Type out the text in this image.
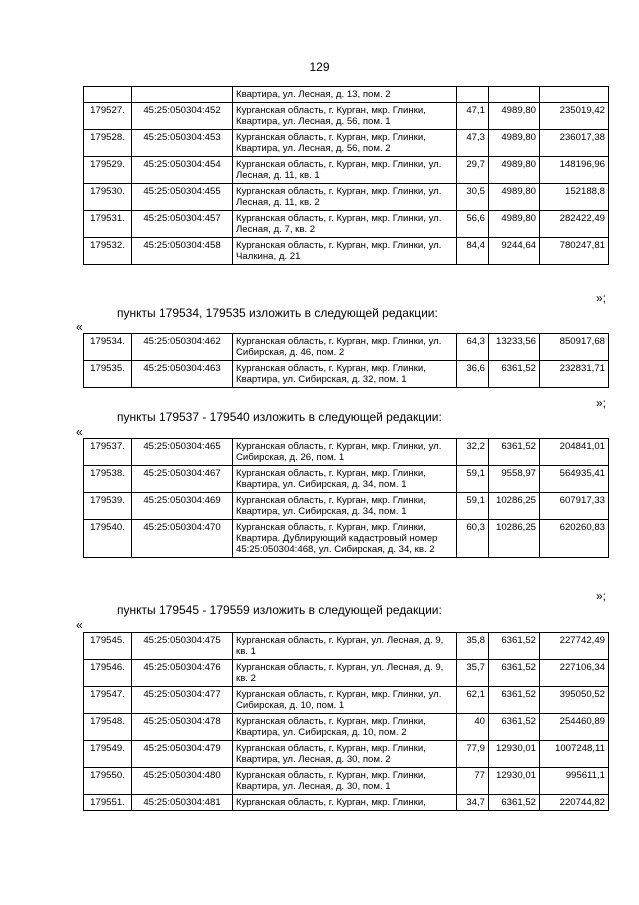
129
		Квартира, ул. Лесная, д. 13, пом. 2			
179527.	45:25:050304:452	Курганская область, г. Курган, мкр. Глинки, Квартира, ул. Лесная, д. 56, пом. 1	47,1	4989,80	235019,42
179528.	45:25:050304:453	Курганская область, г. Курган, мкр. Глинки, Квартира, ул. Лесная, д. 56, пом. 2	47,3	4989,80	236017,38
179529.	45:25:050304:454	Курганская область, г. Курган, мкр. Глинки, ул. Лесная, д. 11, кв. 1	29,7	4989,80	148196,96
179530.	45:25:050304:455	Курганская область, г. Курган, мкр. Глинки, ул. Лесная, д. 11, кв. 2	30,5	4989,80	152188,8
179531.	45:25:050304:457	Курганская область, г. Курган, мкр. Глинки, ул. Лесная, д. 7, кв. 2	56,6	4989,80	282422,49
179532.	45:25:050304:458	Курганская область, г. Курган, мкр. Глинки, ул. Чалкина, д. 21	84,4	9244,64	780247,81
»;
пункты 179534, 179535 изложить в следующей редакции:
«
179534.	45:25:050304:462	Курганская область, г. Курган, мкр. Глинки, ул. Сибирская, д. 46, пом. 2	64,3	13233,56	850917,68
179535.	45:25:050304:463	Курганская область, г. Курган, мкр. Глинки, Квартира, ул. Сибирская, д. 32, пом. 1	36,6	6361,52	232831,71
»;
пункты 179537 - 179540 изложить в следующей редакции:
«
179537.	45:25:050304:465	Курганская область, г. Курган, мкр. Глинки, ул. Сибирская, д. 26, пом. 1	32,2	6361,52	204841,01
179538.	45:25:050304:467	Курганская область, г. Курган, мкр. Глинки, Квартира, ул. Сибирская, д. 34, пом. 1	59,1	9558,97	564935,41
179539.	45:25:050304:469	Курганская область, г. Курган, мкр. Глинки, Квартира, ул. Сибирская, д. 34, пом. 1	59,1	10286,25	607917,33
179540.	45:25:050304:470	Курганская область, г. Курган, мкр. Глинки, Квартира. Дублирующий кадастровый номер 45:25:050304:468, ул. Сибирская, д. 34, кв. 2	60,3	10286,25	620260,83
»;
пункты 179545 - 179559 изложить в следующей редакции:
«
179545.	45:25:050304:475	Курганская область, г. Курган, ул. Лесная, д. 9, кв. 1	35,8	6361,52	227742,49
179546.	45:25:050304:476	Курганская область, г. Курган, ул. Лесная, д. 9, кв. 2	35,7	6361,52	227106,34
179547.	45:25:050304:477	Курганская область, г. Курган, мкр. Глинки, ул. Сибирская, д. 10, пом. 1	62,1	6361,52	395050,52
179548.	45:25:050304:478	Курганская область, г. Курган, мкр. Глинки, Квартира, ул. Сибирская, д. 10, пом. 2	40	6361,52	254460,89
179549.	45:25:050304:479	Курганская область, г. Курган, мкр. Глинки, Квартира, ул. Лесная, д. 30, пом. 2	77,9	12930,01	1007248,11
179550.	45:25:050304:480	Курганская область, г. Курган, мкр. Глинки, Квартира, ул. Лесная, д. 30, пом. 1	77	12930,01	995611,1
179551.	45:25:050304:481	Курганская область, г. Курган, мкр. Глинки,	34,7	6361,52	220744,82
